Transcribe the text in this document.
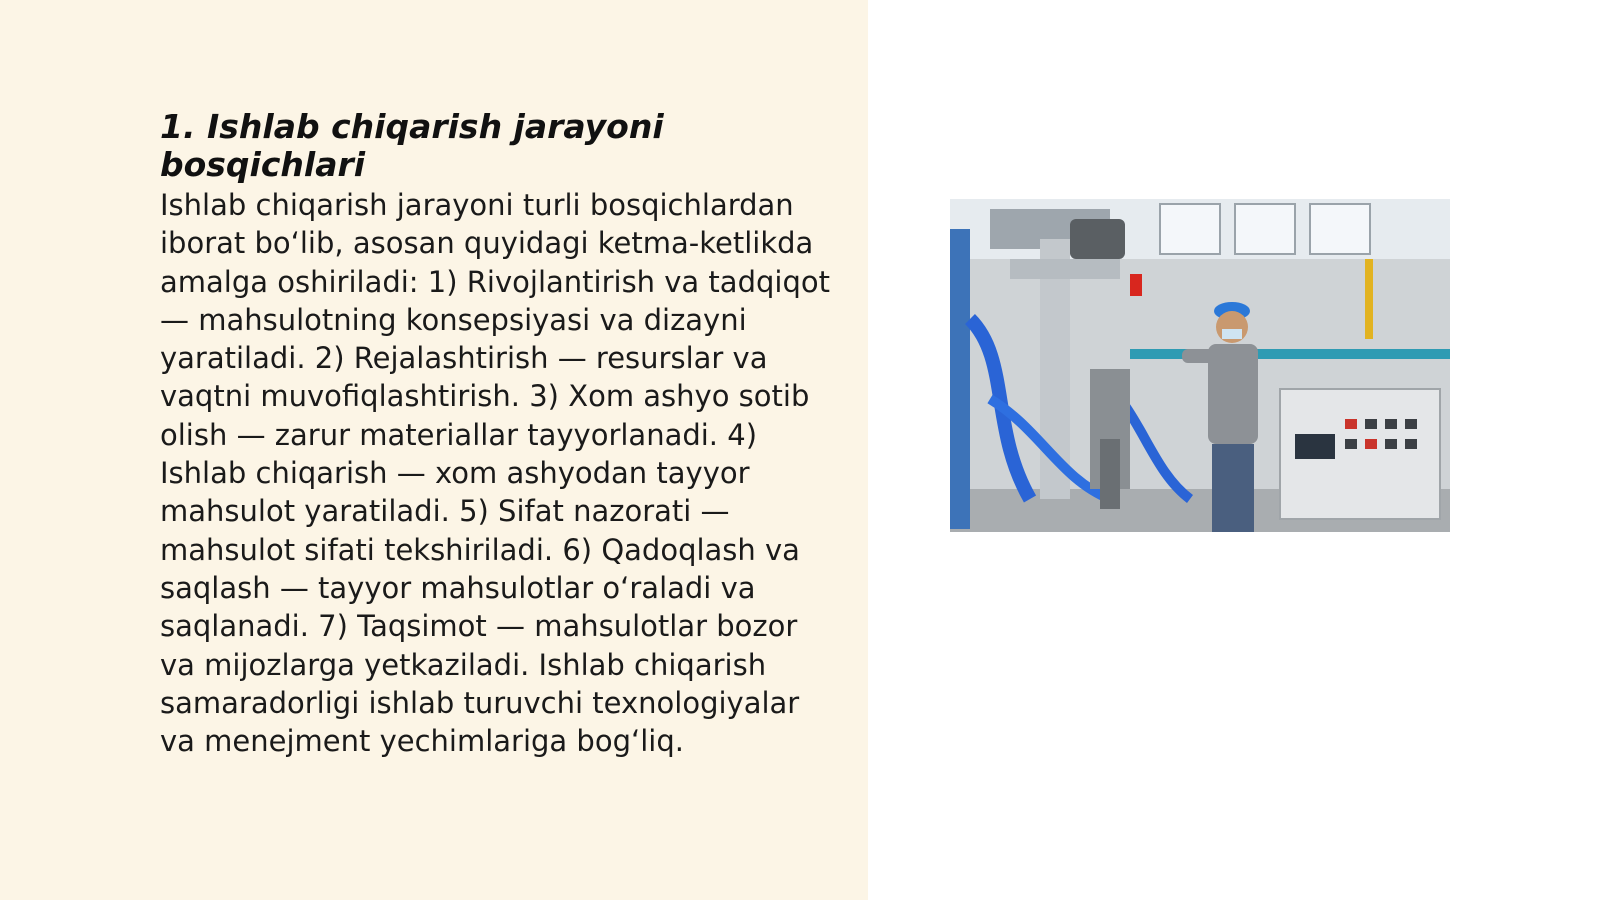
1. Ishlab chiqarish jarayoni bosqichlari

Ishlab chiqarish jarayoni turli bosqichlardan iborat bo‘lib, asosan quyidagi ketma-ketlikda amalga oshiriladi: 1) Rivojlantirish va tadqiqot — mahsulotning konsepsiyasi va dizayni yaratiladi. 2) Rejalashtirish — resurslar va vaqtni muvofiqlashtirish. 3) Xom ashyo sotib olish — zarur materiallar tayyorlanadi. 4) Ishlab chiqarish — xom ashyodan tayyor mahsulot yaratiladi. 5) Sifat nazorati — mahsulot sifati tekshiriladi. 6) Qadoqlash va saqlash — tayyor mahsulotlar o‘raladi va saqlanadi. 7) Taqsimot — mahsulotlar bozor va mijozlarga yetkaziladi. Ishlab chiqarish samaradorligi ishlab turuvchi texnologiyalar va menejment yechimlariga bog‘liq.
